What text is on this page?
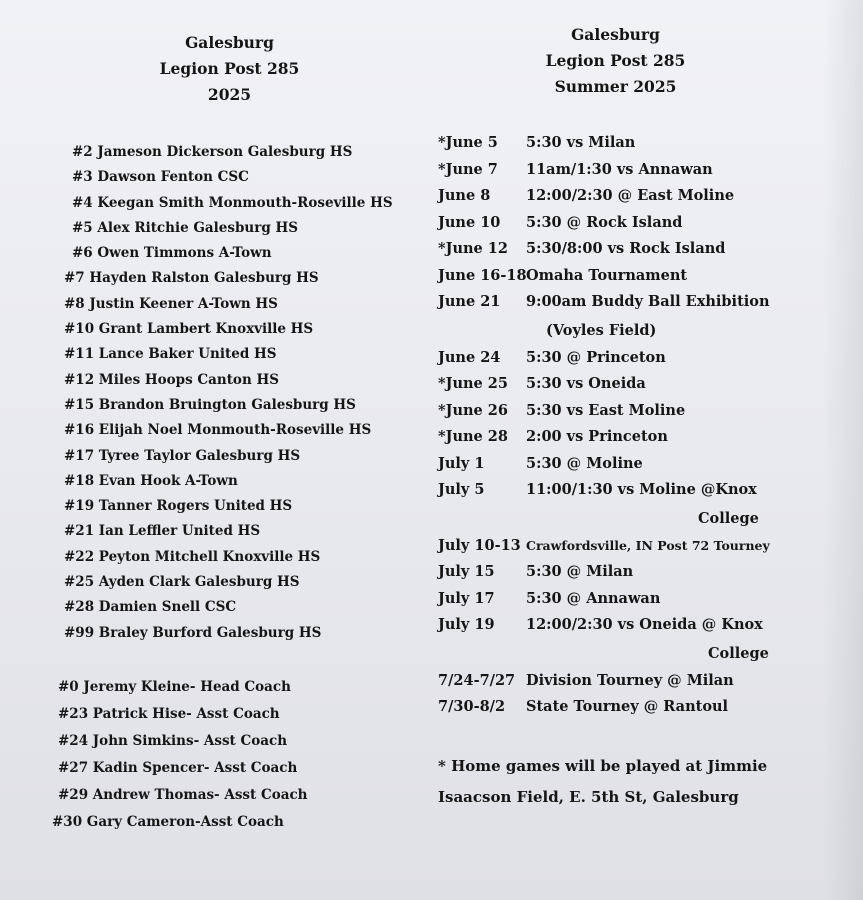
Galesburg
Legion Post 285
2025
#2 Jameson Dickerson Galesburg HS
#3 Dawson Fenton CSC
#4 Keegan Smith Monmouth-Roseville HS
#5 Alex Ritchie Galesburg HS
#6 Owen Timmons A-Town
#7 Hayden Ralston Galesburg HS
#8 Justin Keener A-Town HS
#10 Grant Lambert Knoxville HS
#11 Lance Baker United HS
#12 Miles Hoops Canton HS
#15 Brandon Bruington Galesburg HS
#16 Elijah Noel Monmouth-Roseville HS
#17 Tyree Taylor Galesburg HS
#18 Evan Hook A-Town
#19 Tanner Rogers United HS
#21 Ian Leffler United HS
#22 Peyton Mitchell Knoxville HS
#25 Ayden Clark Galesburg HS
#28 Damien Snell CSC
#99 Braley Burford Galesburg HS
#0 Jeremy Kleine- Head Coach
#23 Patrick Hise- Asst Coach
#24 John Simkins- Asst Coach
#27 Kadin Spencer- Asst Coach
#29 Andrew Thomas- Asst Coach
#30 Gary Cameron-Asst Coach
Galesburg
Legion Post 285
Summer 2025
*June 5 5:30 vs Milan
*June 7 11am/1:30 vs Annawan
June 8 12:00/2:30 @ East Moline
June 10 5:30 @ Rock Island
*June 12 5:30/8:00 vs Rock Island
June 16-18Omaha Tournament
June 21 9:00am Buddy Ball Exhibition
(Voyles Field)
June 24 5:30 @ Princeton
*June 25 5:30 vs Oneida
*June 26 5:30 vs East Moline
*June 28 2:00 vs Princeton
July 1	5:30 @ Moline
July 5	11:00/1:30 vs Moline @Knox
College
July 10-13 Crawfordsville, IN Post 72 Tourney
July 15 5:30 @ Milan
July 17 5:30 @ Annawan
July 19 12:00/2:30 vs Oneida @ Knox
College
7/24-7/27 Division Tourney @ Milan
7/30-8/2 State Tourney @ Rantoul
* Home games will be played at Jimmie Isaacson Field, E. 5th St, Galesburg
